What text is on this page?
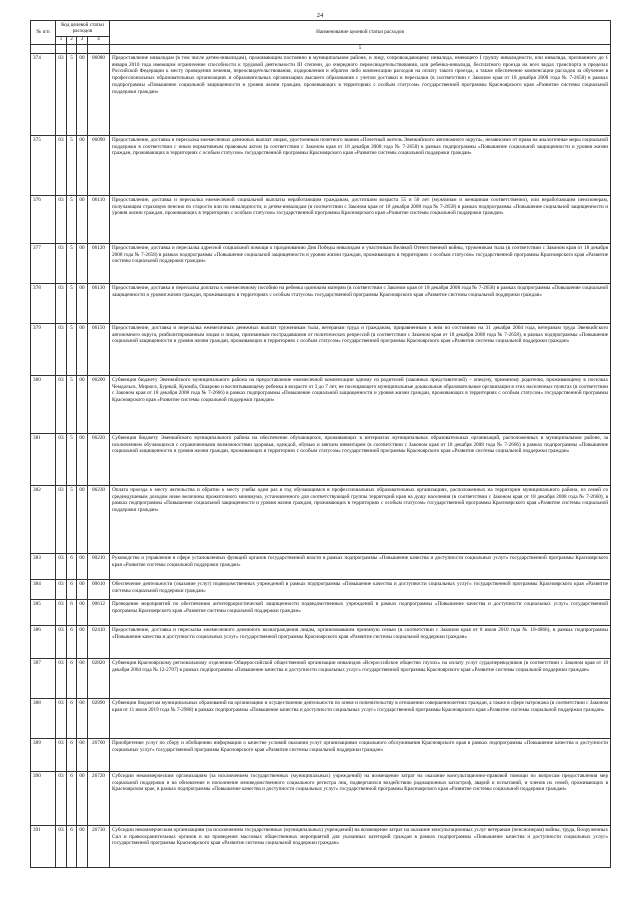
24
№ п/п	Код целевой статьи расходов				Наименование целевой статьи расходов
	1	2	3	4	
					5
374	03	5	00	06080	Предоставление инвалидам (в том числе детям-инвалидам), проживающим постоянно в муниципальном районе, и лицу, сопровождающему инвалида, имеющего I группу инвалидности, или инвалида, признанного до 1 января 2010 года имеющим ограничение способности к трудовой деятельности III степени, до очередного переосвидетельствования, или ребенка-инвалида, бесплатного проезда на всех видах транспорта в пределах Российской Федерации к месту проведения лечения, переосвидетельствования, оздоровления и обратно либо компенсации расходов на оплату такого проезда, а также обеспечение компенсации расходов за обучение в профессиональных образовательных организациях и образовательных организациях высшего образования с учетом доставки и пересылки (в соответствии с Законом края от 18 декабря 2008 года № 7-2658) в рамках подпрограммы «Повышение социальной защищенности и уровня жизни граждан, проживающих в территориях с особым статусом» государственной программы Красноярского края «Развитие системы социальной поддержки граждан»
375	03	5	00	06090	Предоставление, доставка и пересылка ежемесячных денежных выплат лицам, удостоенным почетного звания «Почетный житель Эвенкийского автономного округа», независимо от права на аналогичные меры социальной поддержки в соответствии с иным нормативным правовым актом (в соответствии с Законом края от 18 декабря 2008 года № 7-2658) в рамках подпрограммы «Повышение социальной защищенности и уровня жизни граждан, проживающих в территориях с особым статусом» государственной программы Красноярского края «Развитие системы социальной поддержки граждан»
376	03	5	00	06110	Предоставление, доставка и пересылка ежемесячной социальной выплаты неработающим гражданам, достигшим возраста 55 и 50 лет (мужчинам и женщинам соответственно), или неработающим пенсионерам, получающим страховую пенсию по старости или по инвалидности, и детям-инвалидам (в соответствии с Законом края от 18 декабря 2008 года № 7-2658) в рамках подпрограммы «Повышение социальной защищенности и уровня жизни граждан, проживающих в территориях с особым статусом» государственной программы Красноярского края «Развитие системы социальной поддержки граждан»
377	03	5	00	06120	Предоставление, доставка и пересылка адресной социальной помощи к празднованию Дня Победы инвалидам и участникам Великой Отечественной войны, труженикам тыла (в соответствии с Законом края от 18 декабря 2008 года № 7-2658) в рамках подпрограммы «Повышение социальной защищенности и уровня жизни граждан, проживающих в территориях с особым статусом» государственной программы Красноярского края «Развитие системы социальной поддержки граждан»
378	03	5	00	06130	Предоставление, доставка и пересылка доплаты к ежемесячному пособию на ребенка одиноким матерям (в соответствии с Законом края от 18 декабря 2008 года № 7-2658) в рамках подпрограммы «Повышение социальной защищенности и уровня жизни граждан, проживающих в территориях с особым статусом» государственной программы Красноярского края «Развитие системы социальной поддержки граждан»
379	03	5	00	06150	Предоставление, доставка и пересылка ежемесячных денежных выплат труженикам тыла, ветеранам труда и гражданам, приравненным к ним по состоянию на 31 декабря 2004 года, ветеранам труда Эвенкийского автономного округа, реабилитированным лицам и лицам, признанным пострадавшими от политических репрессий (в соответствии с Законом края от 18 декабря 2008 года № 7-2658), в рамках подпрограммы «Повышение социальной защищенности и уровня жизни граждан, проживающих в территориях с особым статусом» государственной программы Красноярского края «Развитие системы социальной поддержки граждан»
380	03	5	00	06200	Субвенция бюджету Эвенкийского муниципального района на предоставление ежемесячной компенсации одному из родителей (законных представителей) – опекуну, приемному родителю, проживающему в поселках Чемдальск, Мирюга, Бурный, Куюмба, Ошарово и воспитывающему ребенка в возрасте от 3 до 7 лет, не посещающего муниципальные дошкольные образовательные организации в этих населенных пунктах (в соответствии с Законом края от 18 декабря 2008 года № 7-2666) в рамках подпрограммы «Повышение социальной защищенности и уровня жизни граждан, проживающих в территориях с особым статусом» государственной программы Красноярского края «Развитие системы социальной поддержки граждан»
381	03	5	00	06220	Субвенция бюджету Эвенкийского муниципального района на обеспечение обучающихся, проживающих в интернатах муниципальных образовательных организаций, расположенных в муниципальном районе, за исключением обучающихся с ограниченными возможностями здоровья, одеждой, обувью и мягким инвентарем (в соответствии с Законом края от 18 декабря 2008 года № 7-2666) в рамках подпрограммы «Повышение социальной защищенности и уровня жизни граждан, проживающих в территориях с особым статусом» государственной программы Красноярского края «Развитие системы социальной поддержки граждан»
382	03	5	00	06230	Оплата проезда к месту жительства и обратно к месту учебы один раз в год обучающимся в профессиональных образовательных организациях, расположенных на территории муниципального района, из семей со среднедушевым доходом ниже величины прожиточного минимума, установленного для соответствующей группы территорий края на душу населения (в соответствии с Законом края от 18 декабря 2008 года № 7-2660), в рамках подпрограммы «Повышение социальной защищенности и уровня жизни граждан, проживающих в территориях с особым статусом» государственной программы Красноярского края «Развитие системы социальной поддержки граждан»
383	03	6	00	00210	Руководство и управление в сфере установленных функций органов государственной власти в рамках подпрограммы «Повышение качества и доступности социальных услуг» государственной программы Красноярского края «Развитие системы социальной поддержки граждан»
384	03	6	00	00610	Обеспечение деятельности (оказание услуг) подведомственных учреждений в рамках подпрограммы «Повышение качества и доступности социальных услуг» государственной программы Красноярского края «Развитие системы социальной поддержки граждан»
385	03	6	00	00612	Проведение мероприятий по обеспечению антитеррористической защищенности подведомственных учреждений в рамках подпрограммы «Повышение качества и доступности социальных услуг» государственной программы Красноярского края «Развитие системы социальной поддержки граждан»
386	03	6	00	02410	Предоставление, доставка и пересылка ежемесячного денежного вознаграждения лицам, организовавшим приемную семью (в соответствии с Законом края от 8 июля 2010 года № 10-4866), в рамках подпрограммы «Повышение качества и доступности социальных услуг» государственной программы Красноярского края «Развитие системы социальной поддержки граждан»
387	03	6	00	02820	Субвенция Красноярскому региональному отделению Общероссийской общественной организации инвалидов «Всероссийское общество глухих» на оплату услуг сурдопереводчиков (в соответствии с Законом края от 10 декабря 2004 года № 12-2707) в рамках подпрограммы «Повышение качества и доступности социальных услуг» государственной программы Красноярского края «Развитие системы социальной поддержки граждан»
388	03	6	00	02890	Субвенции бюджетам муниципальных образований на организацию и осуществление деятельности по опеке и попечительству в отношении совершеннолетних граждан, а также в сфере патронажа (в соответствии с Законом края от 11 июля 2019 года № 7-2988) в рамках подпрограммы «Повышение качества и доступности социальных услуг» государственной программы Красноярского края «Развитие системы социальной поддержки граждан»
389	03	6	00	26700	Приобретение услуг по сбору и обобщению информации о качестве условий оказания услуг организациями социального обслуживания Красноярского края в рамках подпрограммы «Повышение качества и доступности социальных услуг» государственной программы Красноярского края «Развитие системы социальной поддержки граждан»
390	03	6	00	26720	Субсидии некоммерческим организациям (за исключением государственных (муниципальных) учреждений) на возмещение затрат на оказание консультационно-правовой помощи по вопросам предоставления мер социальной поддержки и на обновление и пополнение межведомственного социального регистра лиц, подвергшихся воздействию радиационных катастроф, аварий и испытаний, и членов их семей, проживающих в Красноярском крае, в рамках подпрограммы «Повышение качества и доступности социальных услуг» государственной программы Красноярского края «Развитие системы социальной поддержки граждан»
391	03	6	00	26730	Субсидии некоммерческим организациям (за исключением государственных (муниципальных) учреждений) на возмещение затрат на оказание консультационных услуг ветеранам (пенсионерам) войны, труда, Вооруженных Сил и правоохранительных органов и на проведение массовых общественных мероприятий для указанных категорий граждан в рамках подпрограммы «Повышение качества и доступности социальных услуг» государственной программы Красноярского края «Развитие системы социальной поддержки граждан»
